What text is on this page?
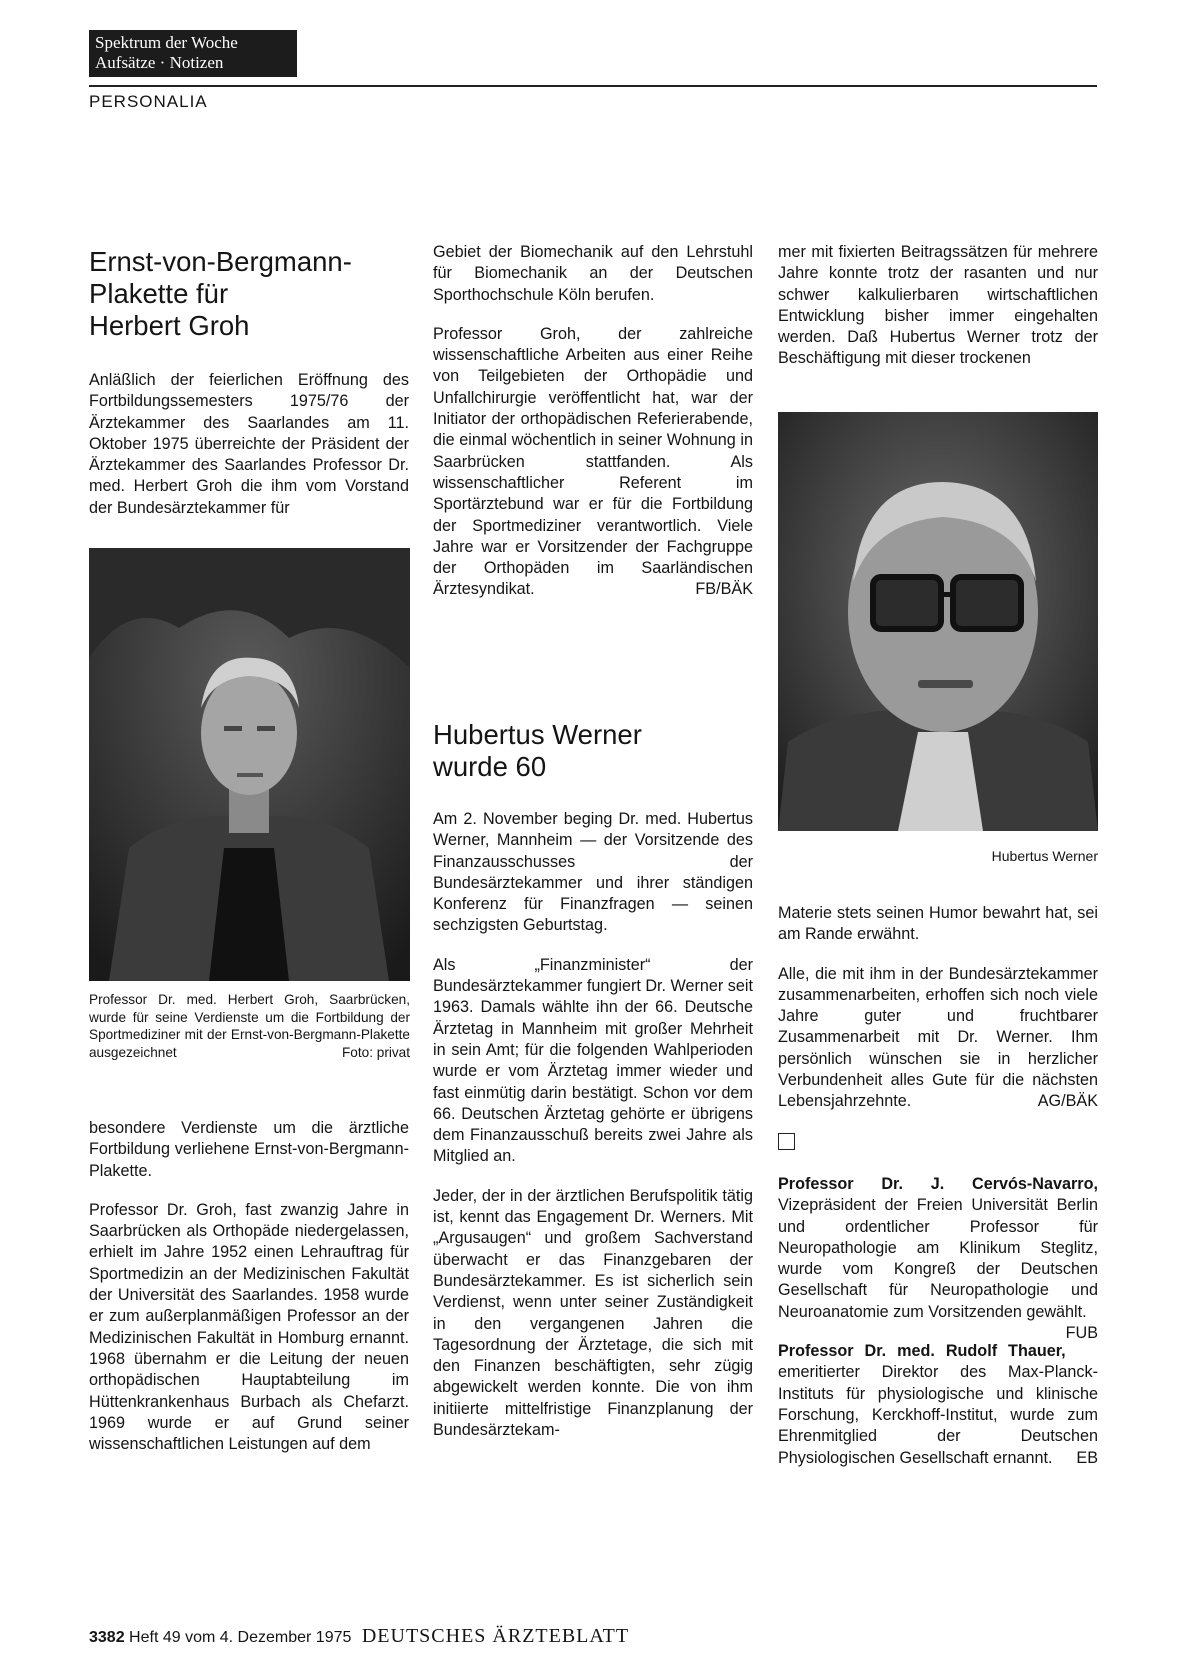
Spektrum der Woche
Aufsätze · Notizen
PERSONALIA
Ernst-von-Bergmann-
Plakette für
Herbert Groh

Anläßlich der feierlichen Eröffnung des Fortbildungssemesters 1975/76 der Ärztekammer des Saarlandes am 11. Oktober 1975 überreichte der Präsident der Ärztekammer des Saarlandes Professor Dr. med. Herbert Groh die ihm vom Vorstand der Bundesärztekammer für

Professor Dr. med. Herbert Groh, Saarbrücken, wurde für seine Verdienste um die Fortbildung der Sportmediziner mit der Ernst-von-Bergmann-Plakette ausgezeichnet	Foto: privat

besondere Verdienste um die ärztliche Fortbildung verliehene Ernst-von-Bergmann-Plakette.

Professor Dr. Groh, fast zwanzig Jahre in Saarbrücken als Orthopäde niedergelassen, erhielt im Jahre 1952 einen Lehrauftrag für Sportmedizin an der Medizinischen Fakultät der Universität des Saarlandes. 1958 wurde er zum außerplanmäßigen Professor an der Medizinischen Fakultät in Homburg ernannt. 1968 übernahm er die Leitung der neuen orthopädischen Hauptabteilung im Hüttenkrankenhaus Burbach als Chefarzt. 1969 wurde er auf Grund seiner wissenschaftlichen Leistungen auf dem

Gebiet der Biomechanik auf den Lehrstuhl für Biomechanik an der Deutschen Sporthochschule Köln berufen.

Professor Groh, der zahlreiche wissenschaftliche Arbeiten aus einer Reihe von Teilgebieten der Orthopädie und Unfallchirurgie veröffentlicht hat, war der Initiator der orthopädischen Referierabende, die einmal wöchentlich in seiner Wohnung in Saarbrücken stattfanden. Als wissenschaftlicher Referent im Sportärztebund war er für die Fortbildung der Sportmediziner verantwortlich. Viele Jahre war er Vorsitzender der Fachgruppe der Orthopäden im Saarländischen Ärztesyndikat.	FB/BÄK

Hubertus Werner
wurde 60

Am 2. November beging Dr. med. Hubertus Werner, Mannheim — der Vorsitzende des Finanzausschusses der Bundesärztekammer und ihrer ständigen Konferenz für Finanzfragen — seinen sechzigsten Geburtstag.

Als „Finanzminister“ der Bundesärztekammer fungiert Dr. Werner seit 1963. Damals wählte ihn der 66. Deutsche Ärztetag in Mannheim mit großer Mehrheit in sein Amt; für die folgenden Wahlperioden wurde er vom Ärztetag immer wieder und fast einmütig darin bestätigt. Schon vor dem 66. Deutschen Ärztetag gehörte er übrigens dem Finanzausschuß bereits zwei Jahre als Mitglied an.

Jeder, der in der ärztlichen Berufspolitik tätig ist, kennt das Engagement Dr. Werners. Mit „Argusaugen“ und großem Sachverstand überwacht er das Finanzgebaren der Bundesärztekammer. Es ist sicherlich sein Verdienst, wenn unter seiner Zuständigkeit in den vergangenen Jahren die Tagesordnung der Ärztetage, die sich mit den Finanzen beschäftigten, sehr zügig abgewickelt werden konnte. Die von ihm initiierte mittelfristige Finanzplanung der Bundesärztekam-

mer mit fixierten Beitragssätzen für mehrere Jahre konnte trotz der rasanten und nur schwer kalkulierbaren wirtschaftlichen Entwicklung bisher immer eingehalten werden. Daß Hubertus Werner trotz der Beschäftigung mit dieser trockenen

Hubertus Werner

Materie stets seinen Humor bewahrt hat, sei am Rande erwähnt.

Alle, die mit ihm in der Bundesärztekammer zusammenarbeiten, erhoffen sich noch viele Jahre guter und fruchtbarer Zusammenarbeit mit Dr. Werner. Ihm persönlich wünschen sie in herzlicher Verbundenheit alles Gute für die nächsten Lebensjahrzehnte.	AG/BÄK

Professor Dr. J. Cervós-Navarro, Vizepräsident der Freien Universität Berlin und ordentlicher Professor für Neuropathologie am Klinikum Steglitz, wurde vom Kongreß der Deutschen Gesellschaft für Neuropathologie und Neuroanatomie zum Vorsitzenden gewählt.
FUB

Professor Dr. med. Rudolf Thauer, emeritierter Direktor des Max-Planck-Instituts für physiologische und klinische Forschung, Kerckhoff-Institut, wurde zum Ehrenmitglied der Deutschen Physiologischen Gesellschaft ernannt. EB

3382 Heft 49 vom 4. Dezember 1975 DEUTSCHES ÄRZTEBLATT
